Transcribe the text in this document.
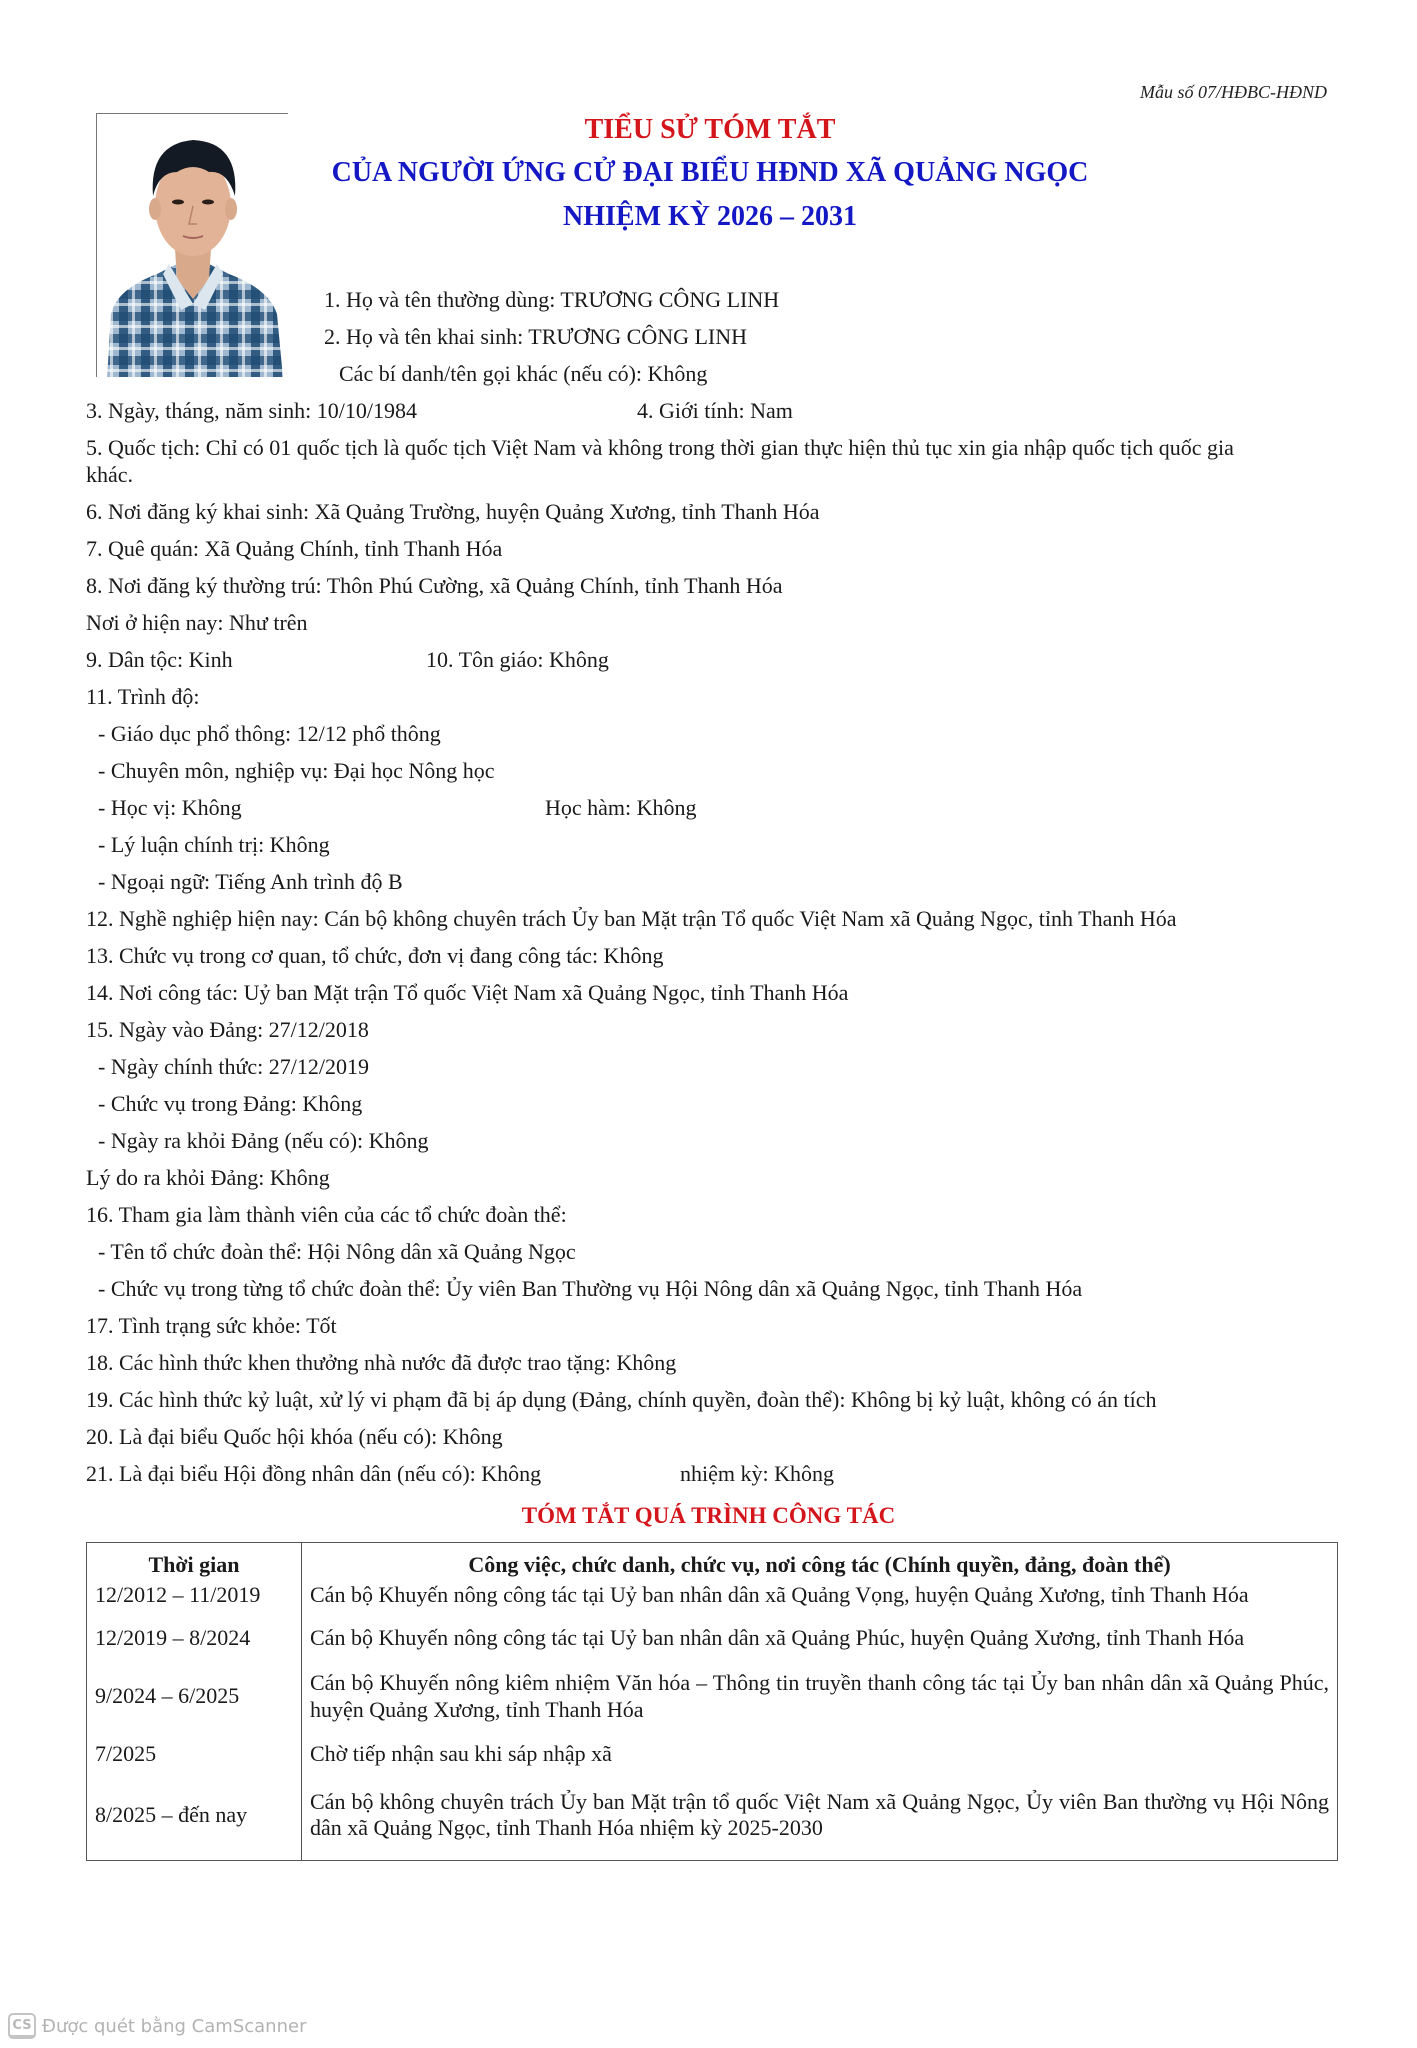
Mẫu số 07/HĐBC-HĐND
TIỂU SỬ TÓM TẮT
CỦA NGƯỜI ỨNG CỬ ĐẠI BIỂU HĐND XÃ QUẢNG NGỌC
NHIỆM KỲ 2026 – 2031
1. Họ và tên thường dùng: TRƯƠNG CÔNG LINH
2. Họ và tên khai sinh: TRƯƠNG CÔNG LINH
Các bí danh/tên gọi khác (nếu có): Không
3. Ngày, tháng, năm sinh: 10/10/1984	4. Giới tính: Nam
5. Quốc tịch: Chỉ có 01 quốc tịch là quốc tịch Việt Nam và không trong thời gian thực hiện thủ tục xin gia nhập quốc tịch quốc gia
khác.
6. Nơi đăng ký khai sinh: Xã Quảng Trường, huyện Quảng Xương, tỉnh Thanh Hóa
7. Quê quán: Xã Quảng Chính, tỉnh Thanh Hóa
8. Nơi đăng ký thường trú: Thôn Phú Cường, xã Quảng Chính, tỉnh Thanh Hóa
Nơi ở hiện nay: Như trên
9. Dân tộc: Kinh	10. Tôn giáo: Không
11. Trình độ:
- Giáo dục phổ thông: 12/12 phổ thông
- Chuyên môn, nghiệp vụ: Đại học Nông học
- Học vị: Không	Học hàm: Không
- Lý luận chính trị: Không
- Ngoại ngữ: Tiếng Anh trình độ B
12. Nghề nghiệp hiện nay: Cán bộ không chuyên trách Ủy ban Mặt trận Tổ quốc Việt Nam xã Quảng Ngọc, tỉnh Thanh Hóa
13. Chức vụ trong cơ quan, tổ chức, đơn vị đang công tác: Không
14. Nơi công tác: Uỷ ban Mặt trận Tổ quốc Việt Nam xã Quảng Ngọc, tỉnh Thanh Hóa
15. Ngày vào Đảng: 27/12/2018
- Ngày chính thức: 27/12/2019
- Chức vụ trong Đảng: Không
- Ngày ra khỏi Đảng (nếu có): Không
Lý do ra khỏi Đảng: Không
16. Tham gia làm thành viên của các tổ chức đoàn thể:
- Tên tổ chức đoàn thể: Hội Nông dân xã Quảng Ngọc
- Chức vụ trong từng tổ chức đoàn thể: Ủy viên Ban Thường vụ Hội Nông dân xã Quảng Ngọc, tỉnh Thanh Hóa
17. Tình trạng sức khỏe: Tốt
18. Các hình thức khen thưởng nhà nước đã được trao tặng: Không
19. Các hình thức kỷ luật, xử lý vi phạm đã bị áp dụng (Đảng, chính quyền, đoàn thể): Không bị kỷ luật, không có án tích
20. Là đại biểu Quốc hội khóa (nếu có): Không
21. Là đại biểu Hội đồng nhân dân (nếu có): Không	nhiệm kỳ: Không
TÓM TẮT QUÁ TRÌNH CÔNG TÁC
Thời gian	Công việc, chức danh, chức vụ, nơi công tác (Chính quyền, đảng, đoàn thể)
12/2012 – 11/2019	Cán bộ Khuyến nông công tác tại Uỷ ban nhân dân xã Quảng Vọng, huyện Quảng Xương, tỉnh Thanh Hóa
12/2019 – 8/2024	Cán bộ Khuyến nông công tác tại Uỷ ban nhân dân xã Quảng Phúc, huyện Quảng Xương, tỉnh Thanh Hóa
9/2024 – 6/2025	Cán bộ Khuyến nông kiêm nhiệm Văn hóa – Thông tin truyền thanh công tác tại Ủy ban nhân dân xã Quảng Phúc, huyện Quảng Xương, tỉnh Thanh Hóa
7/2025	Chờ tiếp nhận sau khi sáp nhập xã
8/2025 – đến nay	Cán bộ không chuyên trách Ủy ban Mặt trận tổ quốc Việt Nam xã Quảng Ngọc, Ủy viên Ban thường vụ Hội Nông dân xã Quảng Ngọc, tỉnh Thanh Hóa nhiệm kỳ 2025-2030
CS Được quét bằng CamScanner
